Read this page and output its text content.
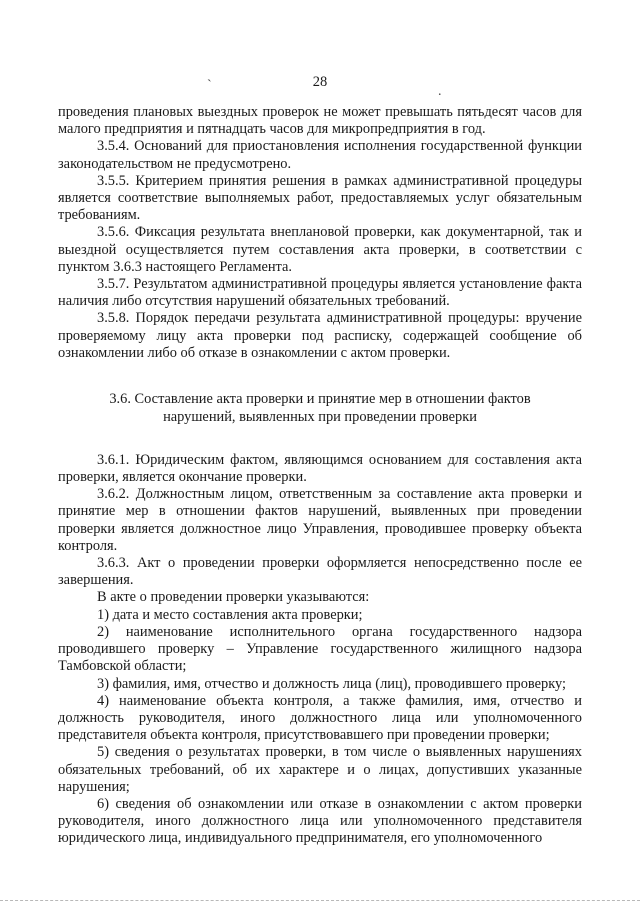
28
ˋ	.

проведения плановых выездных проверок не может превышать пятьдесят часов для малого предприятия и пятнадцать часов для микропредприятия в год.

3.5.4. Оснований для приостановления исполнения государственной функции законодательством не предусмотрено.

3.5.5. Критерием принятия решения в рамках административной процедуры является соответствие выполняемых работ, предоставляемых услуг обязательным требованиям.

3.5.6. Фиксация результата внеплановой проверки, как документарной, так и выездной осуществляется путем составления акта проверки, в соответствии с пунктом 3.6.3 настоящего Регламента.

3.5.7. Результатом административной процедуры является установление факта наличия либо отсутствия нарушений обязательных требований.

3.5.8. Порядок передачи результата административной процедуры: вручение проверяемому лицу акта проверки под расписку, содержащей сообщение об ознакомлении либо об отказе в ознакомлении с актом проверки.

3.6. Составление акта проверки и принятие мер в отношении фактов
нарушений, выявленных при проведении проверки

3.6.1. Юридическим фактом, являющимся основанием для составления акта проверки, является окончание проверки.

3.6.2. Должностным лицом, ответственным за составление акта проверки и принятие мер в отношении фактов нарушений, выявленных при проведении проверки является должностное лицо Управления, проводившее проверку объекта контроля.

3.6.3. Акт о проведении проверки оформляется непосредственно после ее завершения.

В акте о проведении проверки указываются:

1) дата и место составления акта проверки;

2) наименование исполнительного органа государственного надзора проводившего проверку – Управление государственного жилищного надзора Тамбовской области;

3) фамилия, имя, отчество и должность лица (лиц), проводившего проверку;

4) наименование объекта контроля, а также фамилия, имя, отчество и должность руководителя, иного должностного лица или уполномоченного представителя объекта контроля, присутствовавшего при проведении проверки;

5) сведения о результатах проверки, в том числе о выявленных нарушениях обязательных требований, об их характере и о лицах, допустивших указанные нарушения;

6) сведения об ознакомлении или отказе в ознакомлении с актом проверки руководителя, иного должностного лица или уполномоченного представителя юридического лица, индивидуального предпринимателя, его уполномоченного
